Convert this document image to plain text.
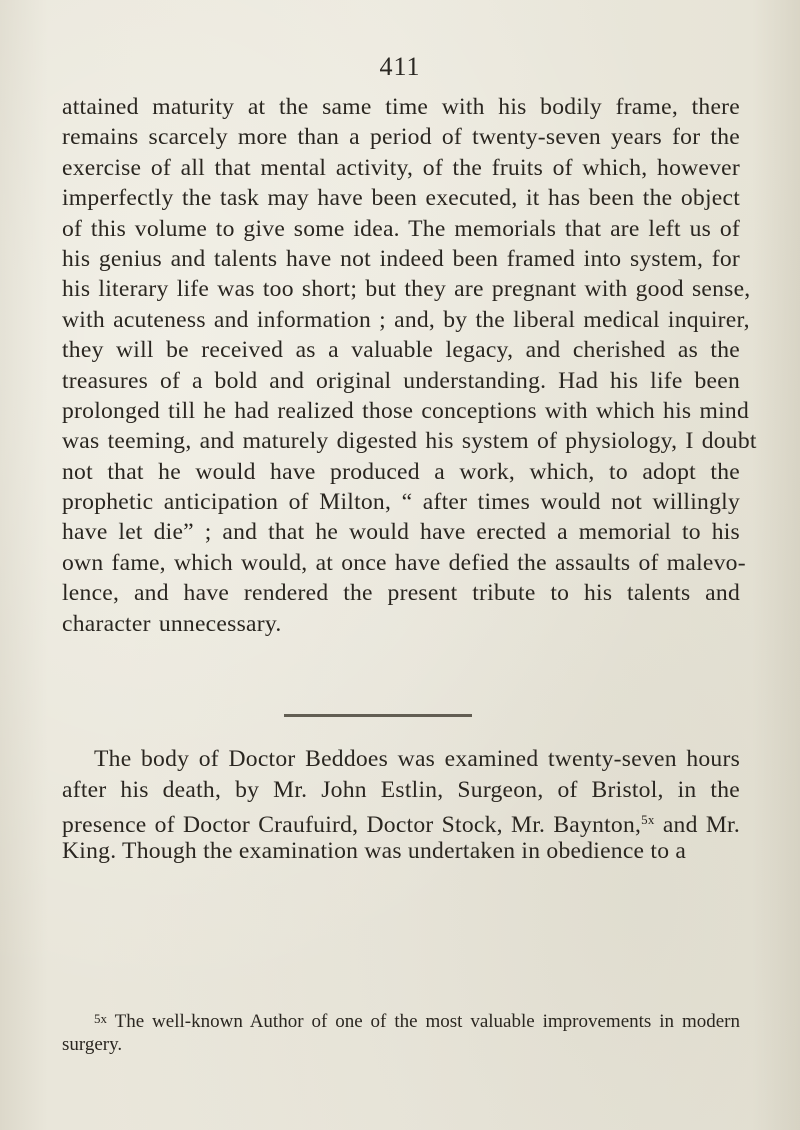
411
attained maturity at the same time with his bodily frame, there
remains scarcely more than a period of twenty-seven years for the
exercise of all that mental activity, of the fruits of which, however
imperfectly the task may have been executed, it has been the object
of this volume to give some idea. The memorials that are left us of
his genius and talents have not indeed been framed into system, for
his literary life was too short; but they are pregnant with good sense,
with acuteness and information ; and, by the liberal medical inquirer,
they will be received as a valuable legacy, and cherished as the
treasures of a bold and original understanding. Had his life been
prolonged till he had realized those conceptions with which his mind
was teeming, and maturely digested his system of physiology, I doubt
not that he would have produced a work, which, to adopt the
prophetic anticipation of Milton, “ after times would not willingly
have let die” ; and that he would have erected a memorial to his
own fame, which would, at once have defied the assaults of malevo-
lence, and have rendered the present tribute to his talents and
character unnecessary.
The body of Doctor Beddoes was examined twenty-seven hours
after his death, by Mr. John Estlin, Surgeon, of Bristol, in the
presence of Doctor Craufuird, Doctor Stock, Mr. Baynton,$^{5x}$ and Mr.
King. Though the examination was undertaken in obedience to a
$^{5x}$ The well-known Author of one of the most valuable improvements in modern
surgery.
